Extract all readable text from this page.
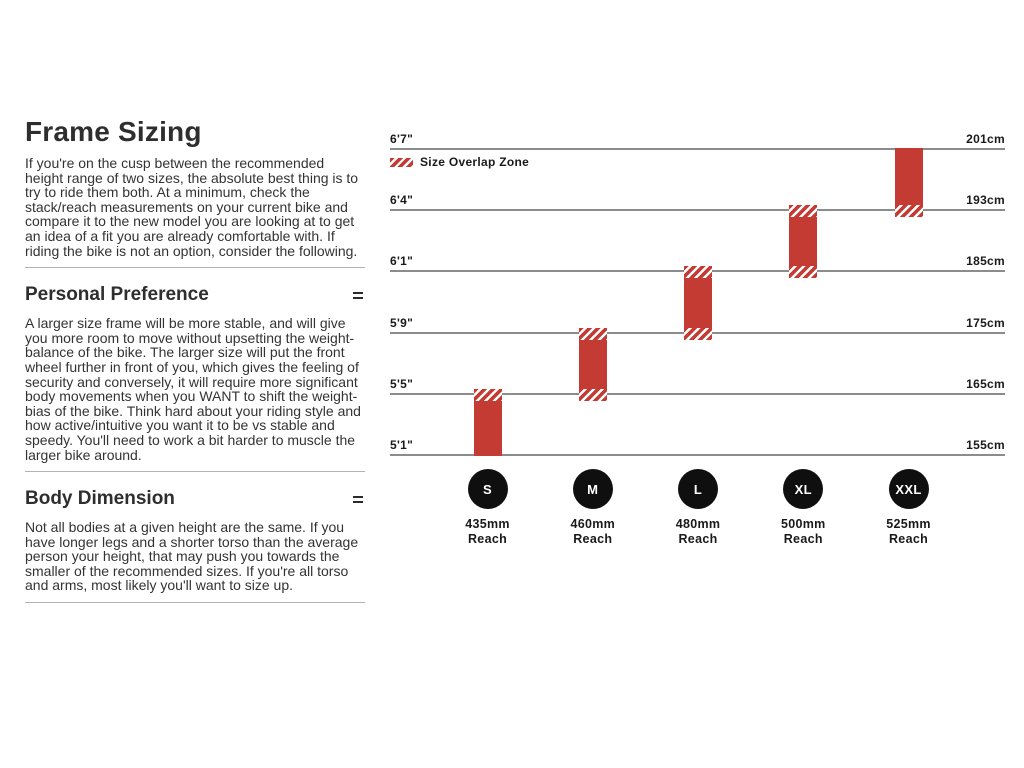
Frame Sizing

If you're on the cusp between the recommended height range of two sizes, the absolute best thing is to try to ride them both. At a minimum, check the stack/reach measurements on your current bike and compare it to the new model you are looking at to get an idea of a fit you are already comfortable with. If riding the bike is not an option, consider the following.

Personal Preference

A larger size frame will be more stable, and will give you more room to move without upsetting the weight-balance of the bike. The larger size will put the front wheel further in front of you, which gives the feeling of security and conversely, it will require more significant body movements when you WANT to shift the weight-bias of the bike. Think hard about your riding style and how active/intuitive you want it to be vs stable and speedy. You'll need to work a bit harder to muscle the larger bike around.

Body Dimension

Not all bodies at a given height are the same. If you have longer legs and a shorter torso than the average person your height, that may push you towards the smaller of the recommended sizes. If you're all torso and arms, most likely you'll want to size up.

6'7"	201cm
6'4"	193cm
6'1"	185cm
5'9"	175cm
5'5"	165cm
5'1"	155cm
Size Overlap Zone
S
435mm
Reach
M
460mm
Reach
L
480mm
Reach
XL
500mm
Reach
XXL
525mm
Reach
